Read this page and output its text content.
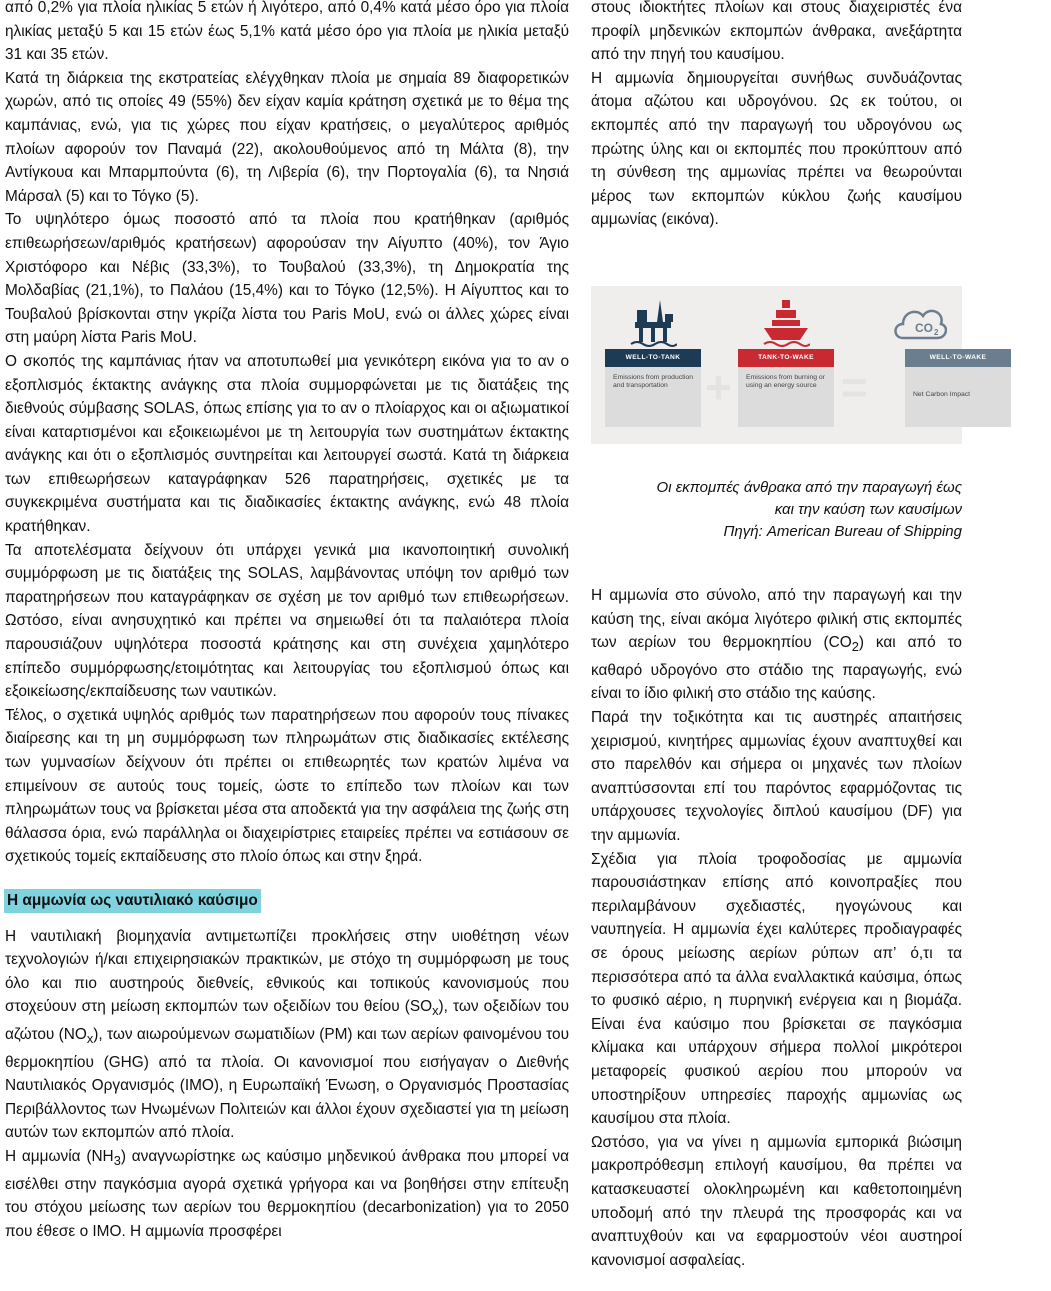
από 0,2% για πλοία ηλικίας 5 ετών ή λιγότερο, από 0,4% κατά μέσο όρο για πλοία ηλικίας μεταξύ 5 και 15 ετών έως 5,1% κατά μέσο όρο για πλοία με ηλικία μεταξύ 31 και 35 ετών.

Κατά τη διάρκεια της εκστρατείας ελέγχθηκαν πλοία με σημαία 89 διαφορετικών χωρών, από τις οποίες 49 (55%) δεν είχαν καμία κράτηση σχετικά με το θέμα της καμπάνιας, ενώ, για τις χώρες που είχαν κρατήσεις, ο μεγαλύτερος αριθμός πλοίων αφορούν τον Παναμά (22), ακολουθούμενος από τη Μάλτα (8), την Αντίγκουα και Μπαρμπούντα (6), τη Λιβερία (6), την Πορτογαλία (6), τα Νησιά Μάρσαλ (5) και το Τόγκο (5).

Το υψηλότερο όμως ποσοστό από τα πλοία που κρατήθηκαν (αριθμός επιθεωρήσεων/αριθμός κρατήσεων) αφορούσαν την Αίγυπτο (40%), τον Άγιο Χριστόφορο και Νέβις (33,3%), το Τουβαλού (33,3%), τη Δημοκρατία της Μολδαβίας (21,1%), το Παλάου (15,4%) και το Τόγκο (12,5%). Η Αίγυπτος και το Τουβαλού βρίσκονται στην γκρίζα λίστα του Paris MoU, ενώ οι άλλες χώρες είναι στη μαύρη λίστα Paris MoU.

Ο σκοπός της καμπάνιας ήταν να αποτυπωθεί μια γενικότερη εικόνα για το αν ο εξοπλισμός έκτακτης ανάγκης στα πλοία συμμορφώνεται με τις διατάξεις της διεθνούς σύμβασης SOLAS, όπως επίσης για το αν ο πλοίαρχος και οι αξιωματικοί είναι καταρτισμένοι και εξοικειωμένοι με τη λειτουργία των συστημάτων έκτακτης ανάγκης και ότι ο εξοπλισμός συντηρείται και λειτουργεί σωστά. Κατά τη διάρκεια των επιθεωρήσεων καταγράφηκαν 526 παρατηρήσεις, σχετικές με τα συγκεκριμένα συστήματα και τις διαδικασίες έκτακτης ανάγκης, ενώ 48 πλοία κρατήθηκαν.

Τα αποτελέσματα δείχνουν ότι υπάρχει γενικά μια ικανοποιητική συνολική συμμόρφωση με τις διατάξεις της SOLAS, λαμβάνοντας υπόψη τον αριθμό των παρατηρήσεων που καταγράφηκαν σε σχέση με τον αριθμό των επιθεωρήσεων. Ωστόσο, είναι ανησυχητικό και πρέπει να σημειωθεί ότι τα παλαιότερα πλοία παρουσιάζουν υψηλότερα ποσοστά κράτησης και στη συνέχεια χαμηλότερο επίπεδο συμμόρφωσης/ετοιμότητας και λειτουργίας του εξοπλισμού όπως και εξοικείωσης/εκπαίδευσης των ναυτικών.

Τέλος, ο σχετικά υψηλός αριθμός των παρατηρήσεων που αφορούν τους πίνακες διαίρεσης και τη μη συμμόρφωση των πληρωμάτων στις διαδικασίες εκτέλεσης των γυμνασίων δείχνουν ότι πρέπει οι επιθεωρητές των κρατών λιμένα να επιμείνουν σε αυτούς τους τομείς, ώστε το επίπεδο των πλοίων και των πληρωμάτων τους να βρίσκεται μέσα στα αποδεκτά για την ασφάλεια της ζωής στη θάλασσα όρια, ενώ παράλληλα οι διαχειρίστριες εταιρείες πρέπει να εστιάσουν σε σχετικούς τομείς εκπαίδευσης στο πλοίο όπως και στην ξηρά.

Η αμμωνία ως ναυτιλιακό καύσιμο

Η ναυτιλιακή βιομηχανία αντιμετωπίζει προκλήσεις στην υιοθέτηση νέων τεχνολογιών ή/και επιχειρησιακών πρακτικών, με στόχο τη συμμόρφωση με τους όλο και πιο αυστηρούς διεθνείς, εθνικούς και τοπικούς κανονισμούς που στοχεύουν στη μείωση εκπομπών των οξειδίων του θείου $(SO_x)$, των οξειδίων του αζώτου $(NO_x)$, των αιωρούμενων σωματιδίων (PM) και των αερίων φαινομένου του θερμοκηπίου (GHG) από τα πλοία. Οι κανονισμοί που εισήγαγαν ο Διεθνής Ναυτιλιακός Οργανισμός (IMO), η Ευρωπαϊκή Ένωση, ο Οργανισμός Προστασίας Περιβάλλοντος των Ηνωμένων Πολιτειών και άλλοι έχουν σχεδιαστεί για τη μείωση αυτών των εκπομπών από πλοία.

Η αμμωνία $(NH_3)$ αναγνωρίστηκε ως καύσιμο μηδενικού άνθρακα που μπορεί να εισέλθει στην παγκόσμια αγορά σχετικά γρήγορα και να βοηθήσει στην επίτευξη του στόχου μείωσης των αερίων του θερμοκηπίου (decarbonization) για το 2050 που έθεσε ο IMO. Η αμμωνία προσφέρει

στους ιδιοκτήτες πλοίων και στους διαχειριστές ένα προφίλ μηδενικών εκπομπών άνθρακα, ανεξάρτητα από την πηγή του καυσίμου.

Η αμμωνία δημιουργείται συνήθως συνδυάζοντας άτομα αζώτου και υδρογόνου. Ως εκ τούτου, οι εκπομπές από την παραγωγή του υδρογόνου ως πρώτης ύλης και οι εκπομπές που προκύπτουν από τη σύνθεση της αμμωνίας πρέπει να θεωρούνται μέρος των εκπομπών κύκλου ζωής καυσίμου αμμωνίας (εικόνα).

WELL-TO-TANK
Emissions from production and transportation +
TANK-TO-WAKE
Emissions from burning or using an energy source =
CO 2
WELL-TO-WAKE
Net Carbon Impact
Οι εκπομπές άνθρακα από την παραγωγή έως
και την καύση των καυσίμων
Πηγή: American Bureau of Shipping

Η αμμωνία στο σύνολο, από την παραγωγή και την καύση της, είναι ακόμα λιγότερο φιλική στις εκπομπές των αερίων του θερμοκηπίου $(CO_2)$ και από το καθαρό υδρογόνο στο στάδιο της παραγωγής, ενώ είναι το ίδιο φιλική στο στάδιο της καύσης.

Παρά την τοξικότητα και τις αυστηρές απαιτήσεις χειρισμού, κινητήρες αμμωνίας έχουν αναπτυχθεί και στο παρελθόν και σήμερα οι μηχανές των πλοίων αναπτύσσονται επί του παρόντος εφαρμόζοντας τις υπάρχουσες τεχνολογίες διπλού καυσίμου (DF) για την αμμωνία.

Σχέδια για πλοία τροφοδοσίας με αμμωνία παρουσιάστηκαν επίσης από κοινοπραξίες που περιλαμβάνουν σχεδιαστές, ηγογώνους και ναυπηγεία. Η αμμωνία έχει καλύτερες προδιαγραφές σε όρους μείωσης αερίων ρύπων απ’ ό,τι τα περισσότερα από τα άλλα εναλλακτικά καύσιμα, όπως το φυσικό αέριο, η πυρηνική ενέργεια και η βιομάζα. Είναι ένα καύσιμο που βρίσκεται σε παγκόσμια κλίμακα και υπάρχουν σήμερα πολλοί μικρότεροι μεταφορείς φυσικού αερίου που μπορούν να υποστηρίξουν υπηρεσίες παροχής αμμωνίας ως καυσίμου στα πλοία.

Ωστόσο, για να γίνει η αμμωνία εμπορικά βιώσιμη μακροπρόθεσμη επιλογή καυσίμου, θα πρέπει να κατασκευαστεί ολοκληρωμένη και καθετοποιημένη υποδομή από την πλευρά της προσφοράς και να αναπτυχθούν και να εφαρμοστούν νέοι αυστηροί κανονισμοί ασφαλείας.
